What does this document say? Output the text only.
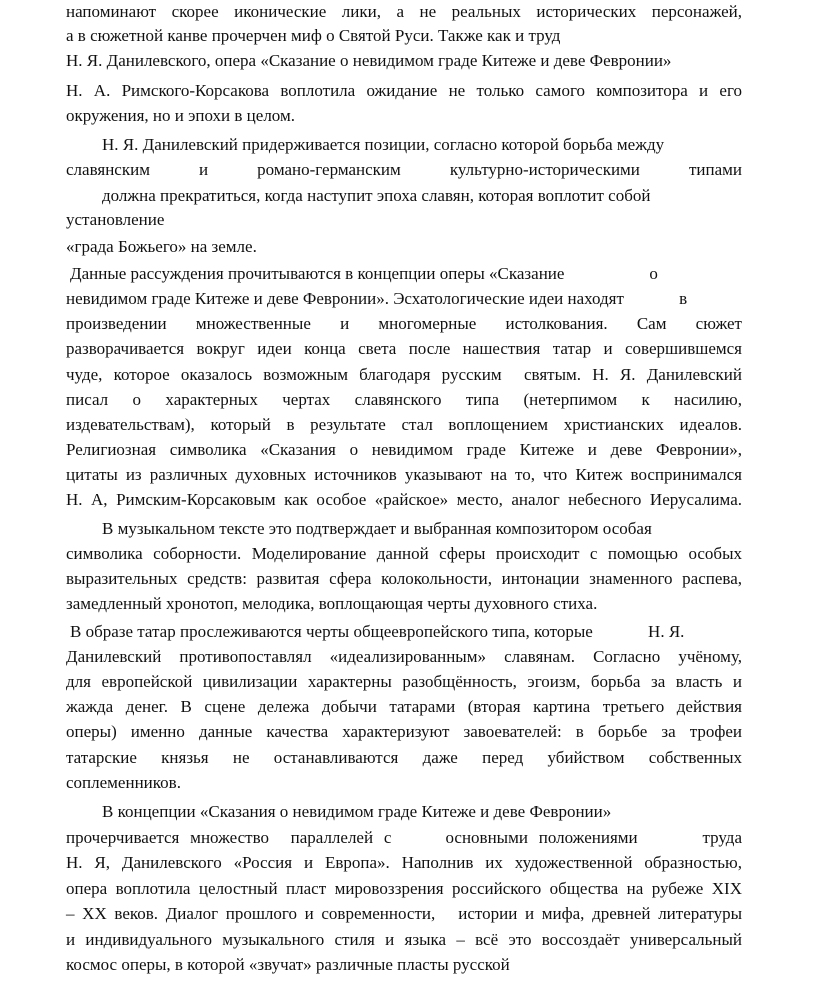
напоминают скорее иконические лики, а не реальных исторических персонажей,
а в сюжетной канве прочерчен миф о Святой Руси. Также как и труд
Н. Я. Данилевского, опера «Сказание о невидимом граде Китеже и деве Февронии»
Н. А. Римского-Корсакова воплотила ожидание не только самого композитора и его
окружения, но и эпохи в целом.
Н. Я. Данилевский придерживается позиции, согласно которой борьба между
славянским и романо-германским культурно-историческими типами
должна прекратиться, когда наступит эпоха славян, которая воплотит собой
установление
«града Божьего» на земле.
Данные рассуждения прочитываются в концепции оперы «Сказание                    о
невидимом граде Китеже и деве Февронии». Эсхатологические идеи находят             в
произведении множественные и многомерные истолкования. Сам сюжет
разворачивается вокруг идеи конца света после нашествия татар и совершившемся
чуде, которое оказалось возможным благодаря русским  святым. Н. Я. Данилевский
писал о характерных чертах славянского типа (нетерпимом к насилию,
издевательствам), который в результате стал воплощением христианских идеалов.
Религиозная символика «Сказания о невидимом граде Китеже и деве Февронии»,
цитаты из различных духовных источников указывают на то, что Китеж воспринимался
Н. А, Римским-Корсаковым как особое «райское» место, аналог небесного Иерусалима.
В музыкальном тексте это подтверждает и выбранная композитором особая
символика соборности. Моделирование данной сферы происходит с помощью особых
выразительных средств: развитая сфера колокольности, интонации знаменного распева,
замедленный хронотоп, мелодика, воплощающая черты духовного стиха.
В образе татар прослеживаются черты общеевропейского типа, которые             Н. Я.
Данилевский противопоставлял «идеализированным» славянам. Согласно учёному,
для европейской цивилизации характерны разобщённость, эгоизм, борьба за власть и
жажда денег. В сцене дележа добычи татарами (вторая картина третьего действия
оперы) именно данные качества характеризуют завоевателей: в борьбе за трофеи
татарские князья не останавливаются даже перед убийством собственных
соплеменников.
В концепции «Сказания о невидимом граде Китеже и деве Февронии»
прочерчивается множество  параллелей с     основными положениями      труда
Н. Я, Данилевского «Россия и Европа». Наполнив их художественной образностью,
опера воплотила целостный пласт мировоззрения российского общества на рубеже XIX
– XX веков. Диалог прошлого и современности,   истории и мифа, древней литературы
и индивидуального музыкального стиля и языка – всё это воссоздаёт универсальный
космос оперы, в которой «звучат» различные пласты русской
